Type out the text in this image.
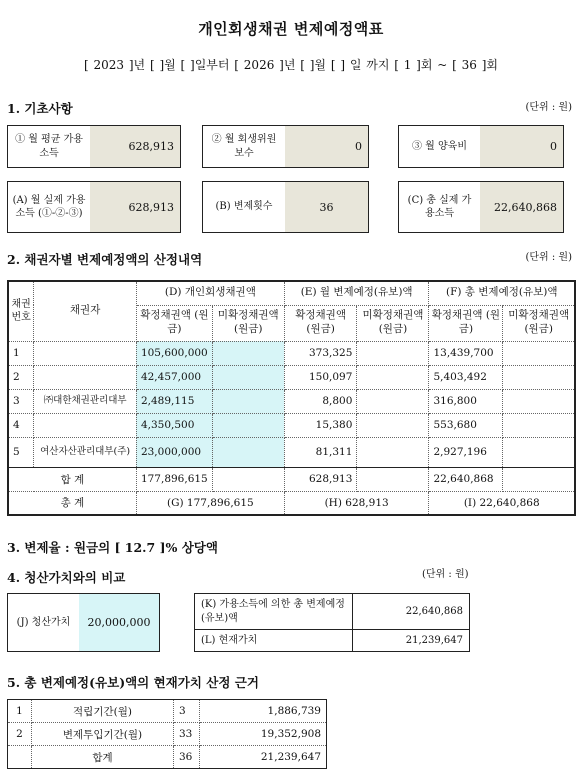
개인회생채권 변제예정액표
[ 2023 ]년 [ ]월 [ ]일부터 [ 2026 ]년 [ ]월 [ ] 일 까지 [ 1 ]회 ~ [ 36 ]회
1. 기초사항	(단위 : 원)
① 월 평균 가용소득	628,913
② 월 회생위원보수	0	③ 월 양육비	0
(A) 월 실제 가용소득 (①-②-③)	628,913	(B) 변제횟수	36
(C) 총 실제 가용소득	22,640,868
2. 채권자별 변제예정액의 산정내역	(단위 : 원)
채권 번호	채권자	(D) 개인회생채권액		(E) 월 변제예정(유보)액		(F) 총 변제예정(유보)액	
		확정채권액 (원금)	미확정채권액 (원금)	확정채권액 (원금)	미확정채권액 (원금)	확정채권액 (원금)	미확정채권액 (원금)
1		105,600,000		373,325		13,439,700	
2		42,457,000		150,097		5,403,492	
3	㈜대한채권관리대부	2,489,115		8,800		316,800	
4		4,350,500		15,380		553,680	
5	여산자산관리대부(주)	23,000,000		81,311		2,927,196	
합 계		177,896,615		628,913		22,640,868	
총 계		(G) 177,896,615		(H) 628,913		(I) 22,640,868	
3. 변제율 : 원금의 [ 12.7 ]% 상당액
4. 청산가치와의 비교	(단위 : 원)
(J) 청산가치	20,000,000
(K) 가용소득에 의한 총 변제예정(유보)액	22,640,868
(L) 현재가치	21,239,647
5. 총 변제예정(유보)액의 현재가치 산정 근거
1	적립기간(월)	3	1,886,739
2	변제투입기간(월)	33	19,352,908
	합계	36	21,239,647
